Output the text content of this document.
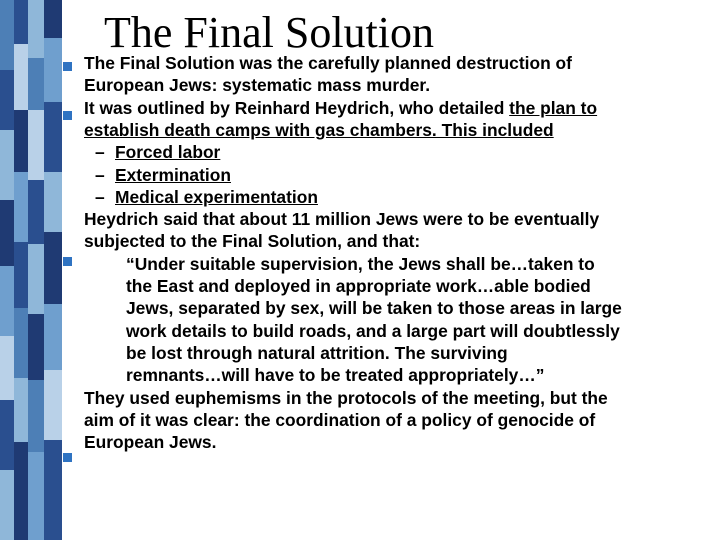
The Final Solution
The Final Solution was the carefully planned destruction of
European Jews: systematic mass murder.
It was outlined by Reinhard Heydrich, who detailed the plan to
establish death camps with gas chambers. This included
– Forced labor
– Extermination
– Medical experimentation
Heydrich said that about 11 million Jews were to be eventually
subjected to the Final Solution, and that:
“Under suitable supervision, the Jews shall be…taken to
the East and deployed in appropriate work…able bodied
Jews, separated by sex, will be taken to those areas in large
work details to build roads, and a large part will doubtlessly
be lost through natural attrition. The surviving
remnants…will have to be treated appropriately…”
They used euphemisms in the protocols of the meeting, but the
aim of it was clear: the coordination of a policy of genocide of
European Jews.
